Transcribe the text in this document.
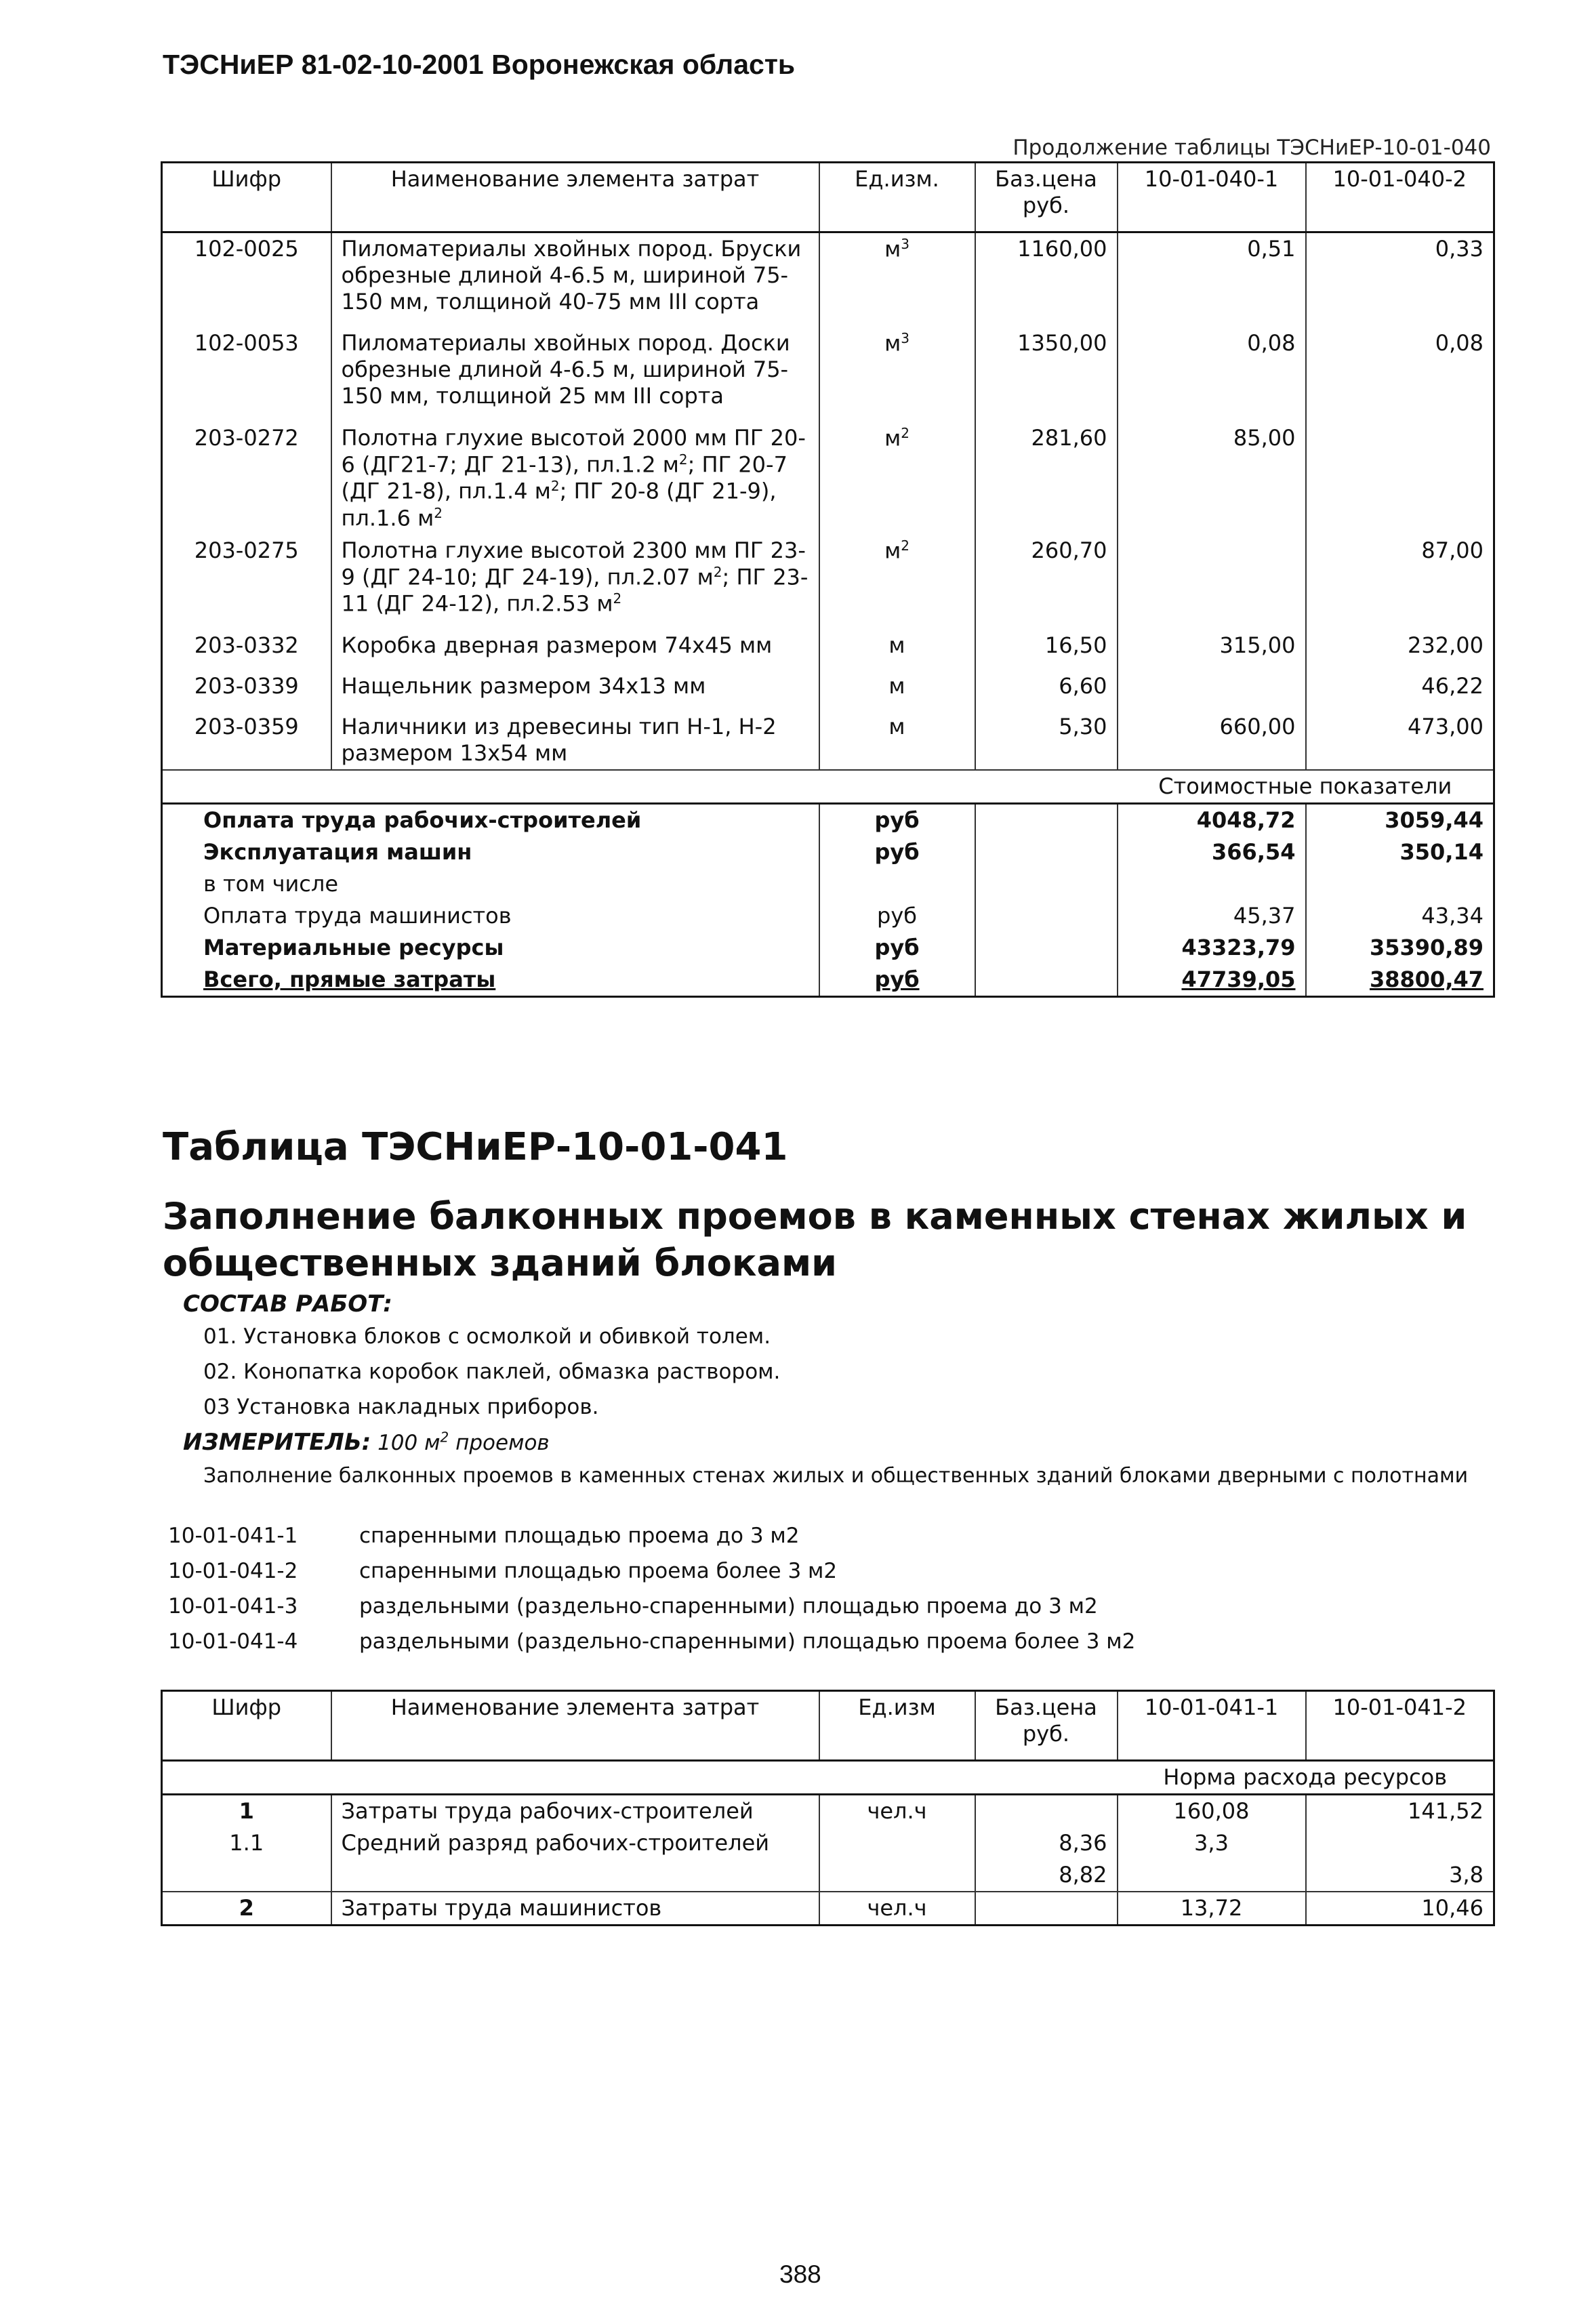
ТЭСНиЕР 81-02-10-2001 Воронежская область
Продолжение таблицы ТЭСНиЕР-10-01-040
Шифр	Наименование элемента затрат	Ед.изм.	Баз.цена руб.	10-01-040-1	10-01-040-2
102-0025	Пиломатериалы хвойных пород. Бруски обрезные длиной 4-6.5 м, шириной 75-150 мм, толщиной 40-75 мм III сорта	$м^3$	1160,00	0,51	0,33
102-0053	Пиломатериалы хвойных пород. Доски обрезные длиной 4-6.5 м, шириной 75-150 мм, толщиной 25 мм III сорта	$м^3$	1350,00	0,08	0,08
203-0272	Полотна глухие высотой 2000 мм ПГ 20-6 (ДГ21-7; ДГ 21-13), пл.1.2 $м^2$; ПГ 20-7 (ДГ 21-8), пл.1.4 $м^2$; ПГ 20-8 (ДГ 21-9), пл.1.6 $м^2$	$м^2$	281,60	85,00	
203-0275	Полотна глухие высотой 2300 мм ПГ 23-9 (ДГ 24-10; ДГ 24-19), пл.2.07 $м^2$; ПГ 23-11 (ДГ 24-12), пл.2.53 $м^2$	$м^2$	260,70		87,00
203-0332	Коробка дверная размером 74х45 мм	м	16,50	315,00	232,00
203-0339	Нащельник размером 34х13 мм	м	6,60		46,22
203-0359	Наличники из древесины тип Н-1, Н-2 размером 13х54 мм	м	5,30	660,00	473,00
				Стоимостные показатели	
Оплата труда рабочих-строителей		руб		4048,72	3059,44
Эксплуатация машин		руб		366,54	350,14
в том числе					
Оплата труда машинистов		руб		45,37	43,34
Материальные ресурсы		руб		43323,79	35390,89
Всего, прямые затраты		руб		47739,05	38800,47
Таблица ТЭСНиЕР-10-01-041
Заполнение балконных проемов в каменных стенах жилых и общественных зданий блоками
СОСТАВ РАБОТ:
01. Установка блоков с осмолкой и обивкой толем.
02. Конопатка коробок паклей, обмазка раствором.
03 Установка накладных приборов.
ИЗМЕРИТЕЛЬ: 100 $м^2$ проемов
Заполнение балконных проемов в каменных стенах жилых и общественных зданий блоками дверными с полотнами
10-01-041-1	спаренными площадью проема до 3 м2
10-01-041-2	спаренными площадью проема более 3 м2
10-01-041-3	раздельными (раздельно-спаренными) площадью проема до 3 м2
10-01-041-4	раздельными (раздельно-спаренными) площадью проема более 3 м2
Шифр	Наименование элемента затрат	Ед.изм	Баз.цена руб.	10-01-041-1	10-01-041-2
				Норма расхода ресурсов	
1	Затраты труда рабочих-строителей	чел.ч		160,08	141,52
1.1	Средний разряд рабочих-строителей		8,36	3,3	
			8,82		3,8
2	Затраты труда машинистов	чел.ч		13,72	10,46
388
